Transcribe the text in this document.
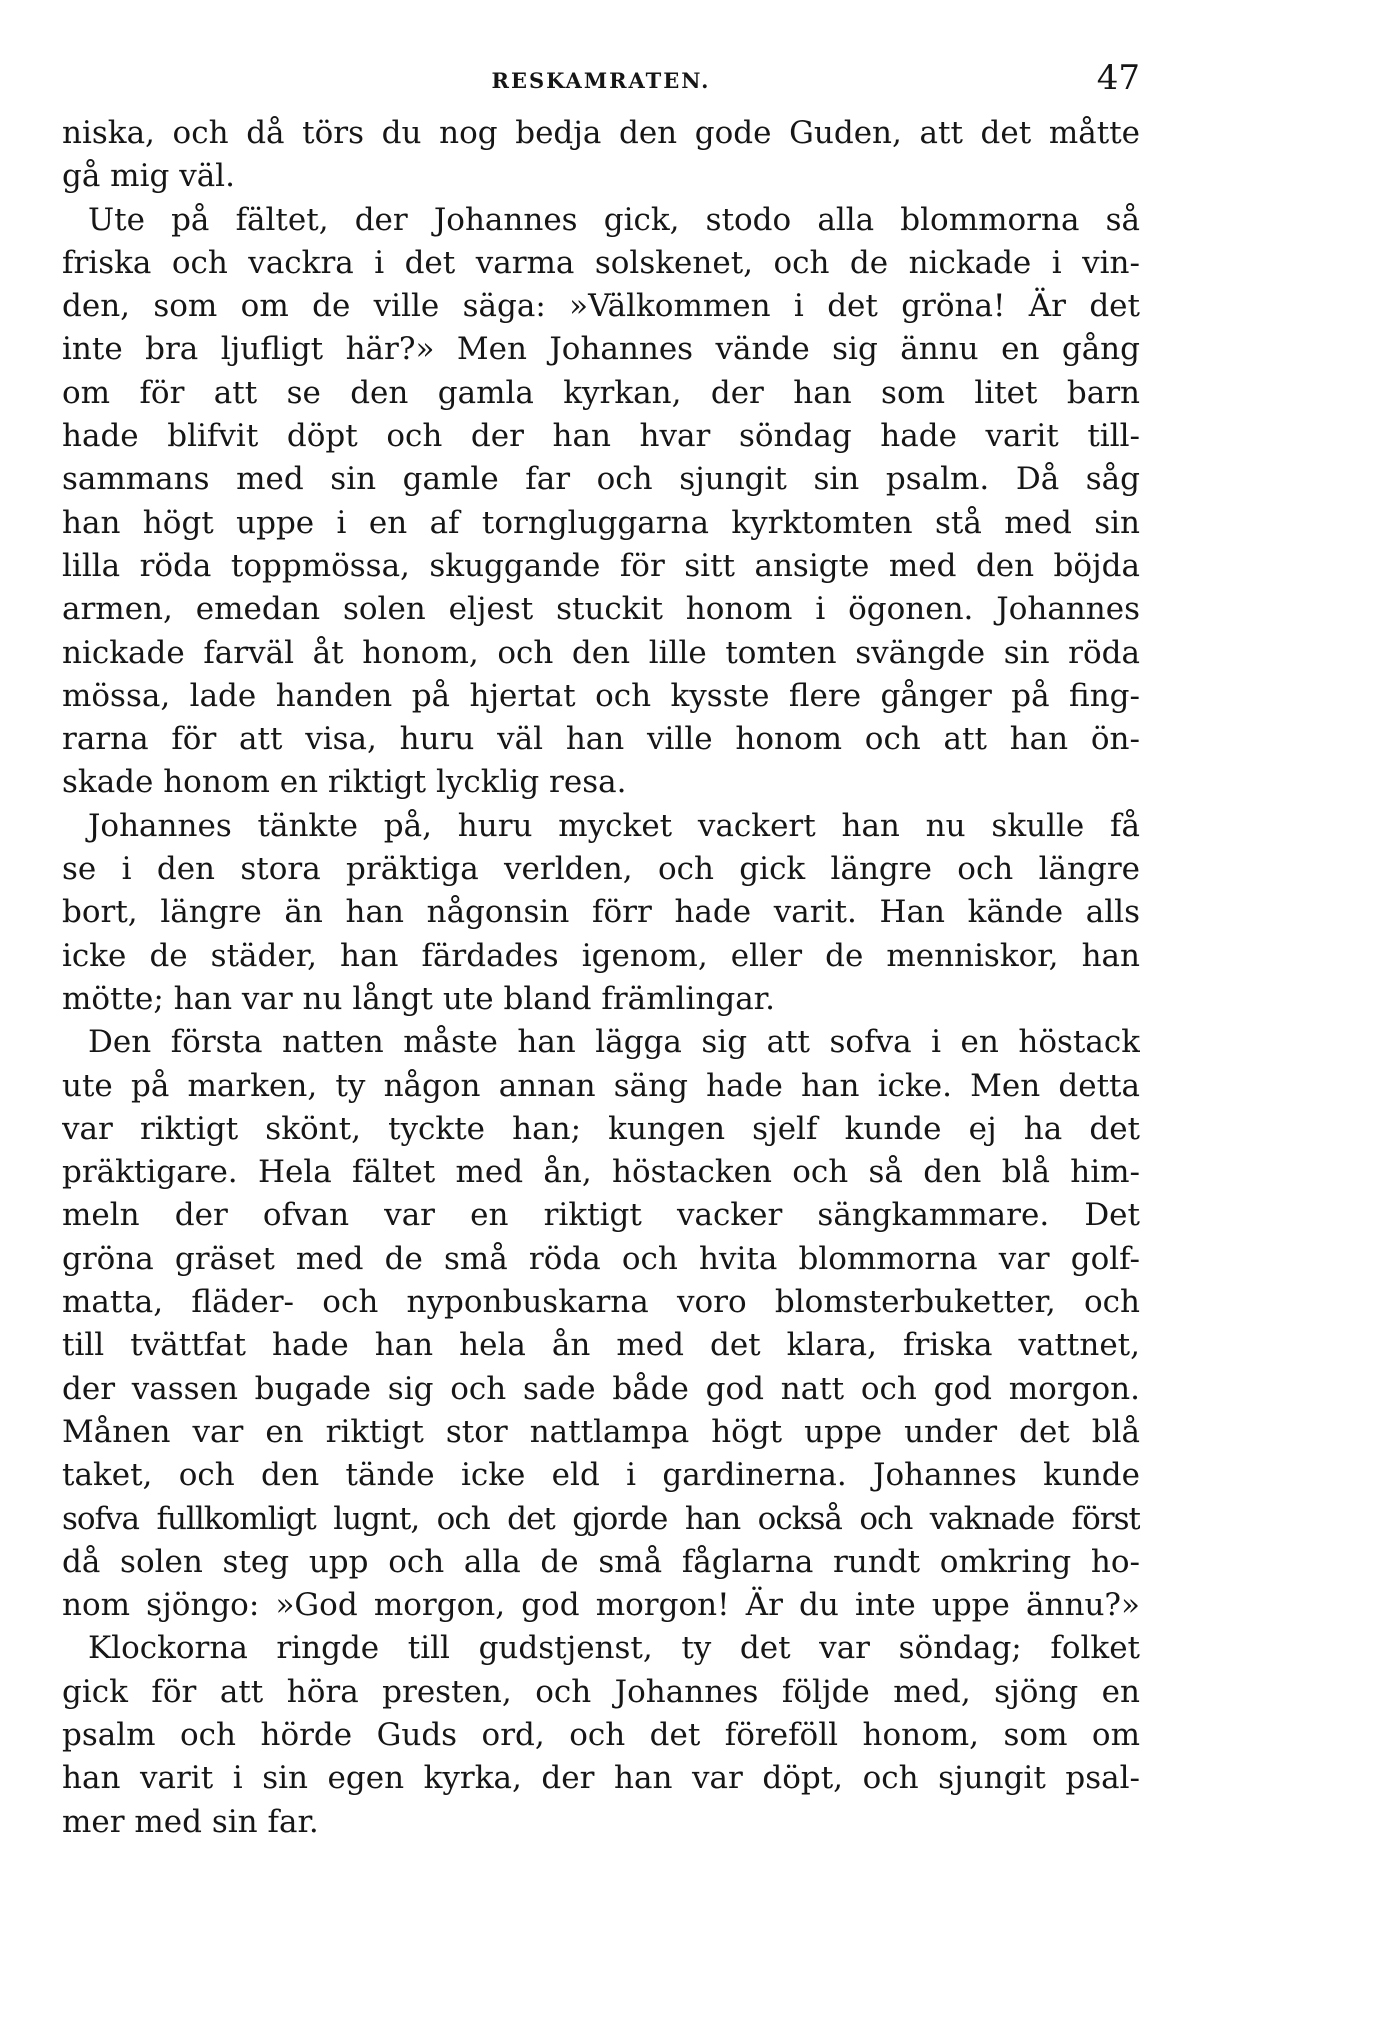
RESKAMRATEN.	47
niska, och då törs du nog bedja den gode Guden, att det måtte
gå mig väl.
Ute på fältet, der Johannes gick, stodo alla blommorna så
friska och vackra i det varma solskenet, och de nickade i vin-
den, som om de ville säga: »Välkommen i det gröna! Är det
inte bra ljufligt här?» Men Johannes vände sig ännu en gång
om för att se den gamla kyrkan, der han som litet barn
hade blifvit döpt och der han hvar söndag hade varit till-
sammans med sin gamle far och sjungit sin psalm. Då såg
han högt uppe i en af torngluggarna kyrktomten stå med sin
lilla röda toppmössa, skuggande för sitt ansigte med den böjda
armen, emedan solen eljest stuckit honom i ögonen. Johannes
nickade farväl åt honom, och den lille tomten svängde sin röda
mössa, lade handen på hjertat och kysste flere gånger på fing-
rarna för att visa, huru väl han ville honom och att han ön-
skade honom en riktigt lycklig resa.
Johannes tänkte på, huru mycket vackert han nu skulle få
se i den stora präktiga verlden, och gick längre och längre
bort, längre än han någonsin förr hade varit. Han kände alls
icke de städer, han färdades igenom, eller de menniskor, han
mötte; han var nu långt ute bland främlingar.
Den första natten måste han lägga sig att sofva i en höstack
ute på marken, ty någon annan säng hade han icke. Men detta
var riktigt skönt, tyckte han; kungen sjelf kunde ej ha det
präktigare. Hela fältet med ån, höstacken och så den blå him-
meln der ofvan var en riktigt vacker sängkammare. Det
gröna gräset med de små röda och hvita blommorna var golf-
matta, fläder- och nyponbuskarna voro blomsterbuketter, och
till tvättfat hade han hela ån med det klara, friska vattnet,
der vassen bugade sig och sade både god natt och god morgon.
Månen var en riktigt stor nattlampa högt uppe under det blå
taket, och den tände icke eld i gardinerna. Johannes kunde
sofva fullkomligt lugnt, och det gjorde han också och vaknade först
då solen steg upp och alla de små fåglarna rundt omkring ho-
nom sjöngo: »God morgon, god morgon! Är du inte uppe ännu?»
Klockorna ringde till gudstjenst, ty det var söndag; folket
gick för att höra presten, och Johannes följde med, sjöng en
psalm och hörde Guds ord, och det föreföll honom, som om
han varit i sin egen kyrka, der han var döpt, och sjungit psal-
mer med sin far.
